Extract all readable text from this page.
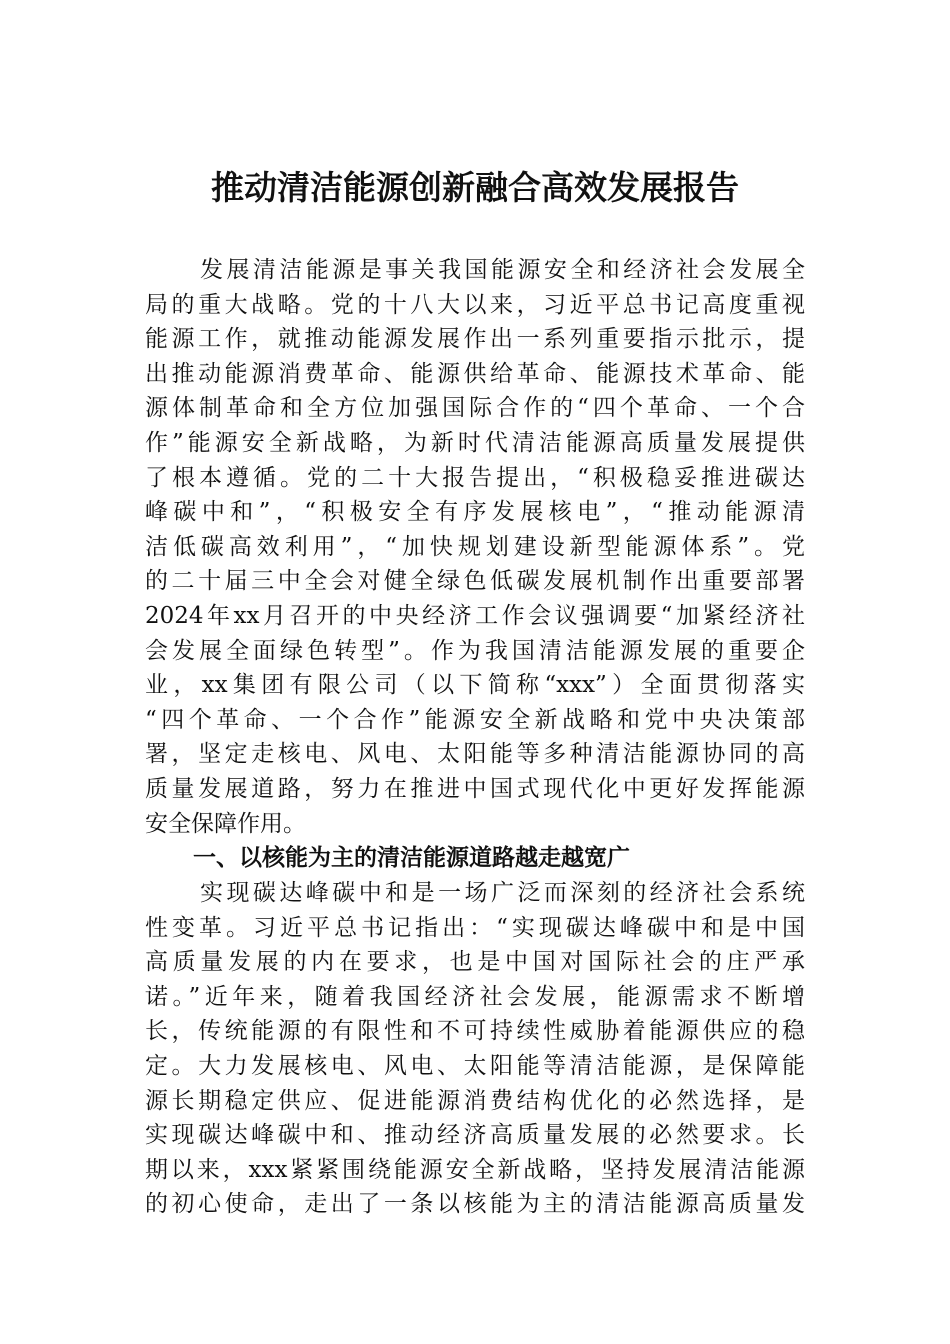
推动清洁能源创新融合高效发展报告
发展清洁能源是事关我国能源安全和经济社会发展全
局的重大战略。党的十八大以来，习近平总书记高度重视
能源工作，就推动能源发展作出一系列重要指示批示，提
出推动能源消费革命、能源供给革命、能源技术革命、能
源体制革命和全方位加强国际合作的“四个革命、一个合
作”能源安全新战略，为新时代清洁能源高质量发展提供
了根本遵循。党的二十大报告提出，“积极稳妥推进碳达
峰碳中和”，“积极安全有序发展核电”，“推动能源清
洁低碳高效利用”，“加快规划建设新型能源体系”。党
的二十届三中全会对健全绿色低碳发展机制作出重要部署
2024年xx月召开的中央经济工作会议强调要“加紧经济社
会发展全面绿色转型”。作为我国清洁能源发展的重要企
业，xx集团有限公司（以下简称“xxx”）全面贯彻落实
“四个革命、一个合作”能源安全新战略和党中央决策部
署，坚定走核电、风电、太阳能等多种清洁能源协同的高
质量发展道路，努力在推进中国式现代化中更好发挥能源
安全保障作用。
一、以核能为主的清洁能源道路越走越宽广
实现碳达峰碳中和是一场广泛而深刻的经济社会系统
性变革。习近平总书记指出：“实现碳达峰碳中和是中国
高质量发展的内在要求，也是中国对国际社会的庄严承
诺。”近年来，随着我国经济社会发展，能源需求不断增
长，传统能源的有限性和不可持续性威胁着能源供应的稳
定。大力发展核电、风电、太阳能等清洁能源，是保障能
源长期稳定供应、促进能源消费结构优化的必然选择，是
实现碳达峰碳中和、推动经济高质量发展的必然要求。长
期以来，xxx紧紧围绕能源安全新战略，坚持发展清洁能源
的初心使命，走出了一条以核能为主的清洁能源高质量发
